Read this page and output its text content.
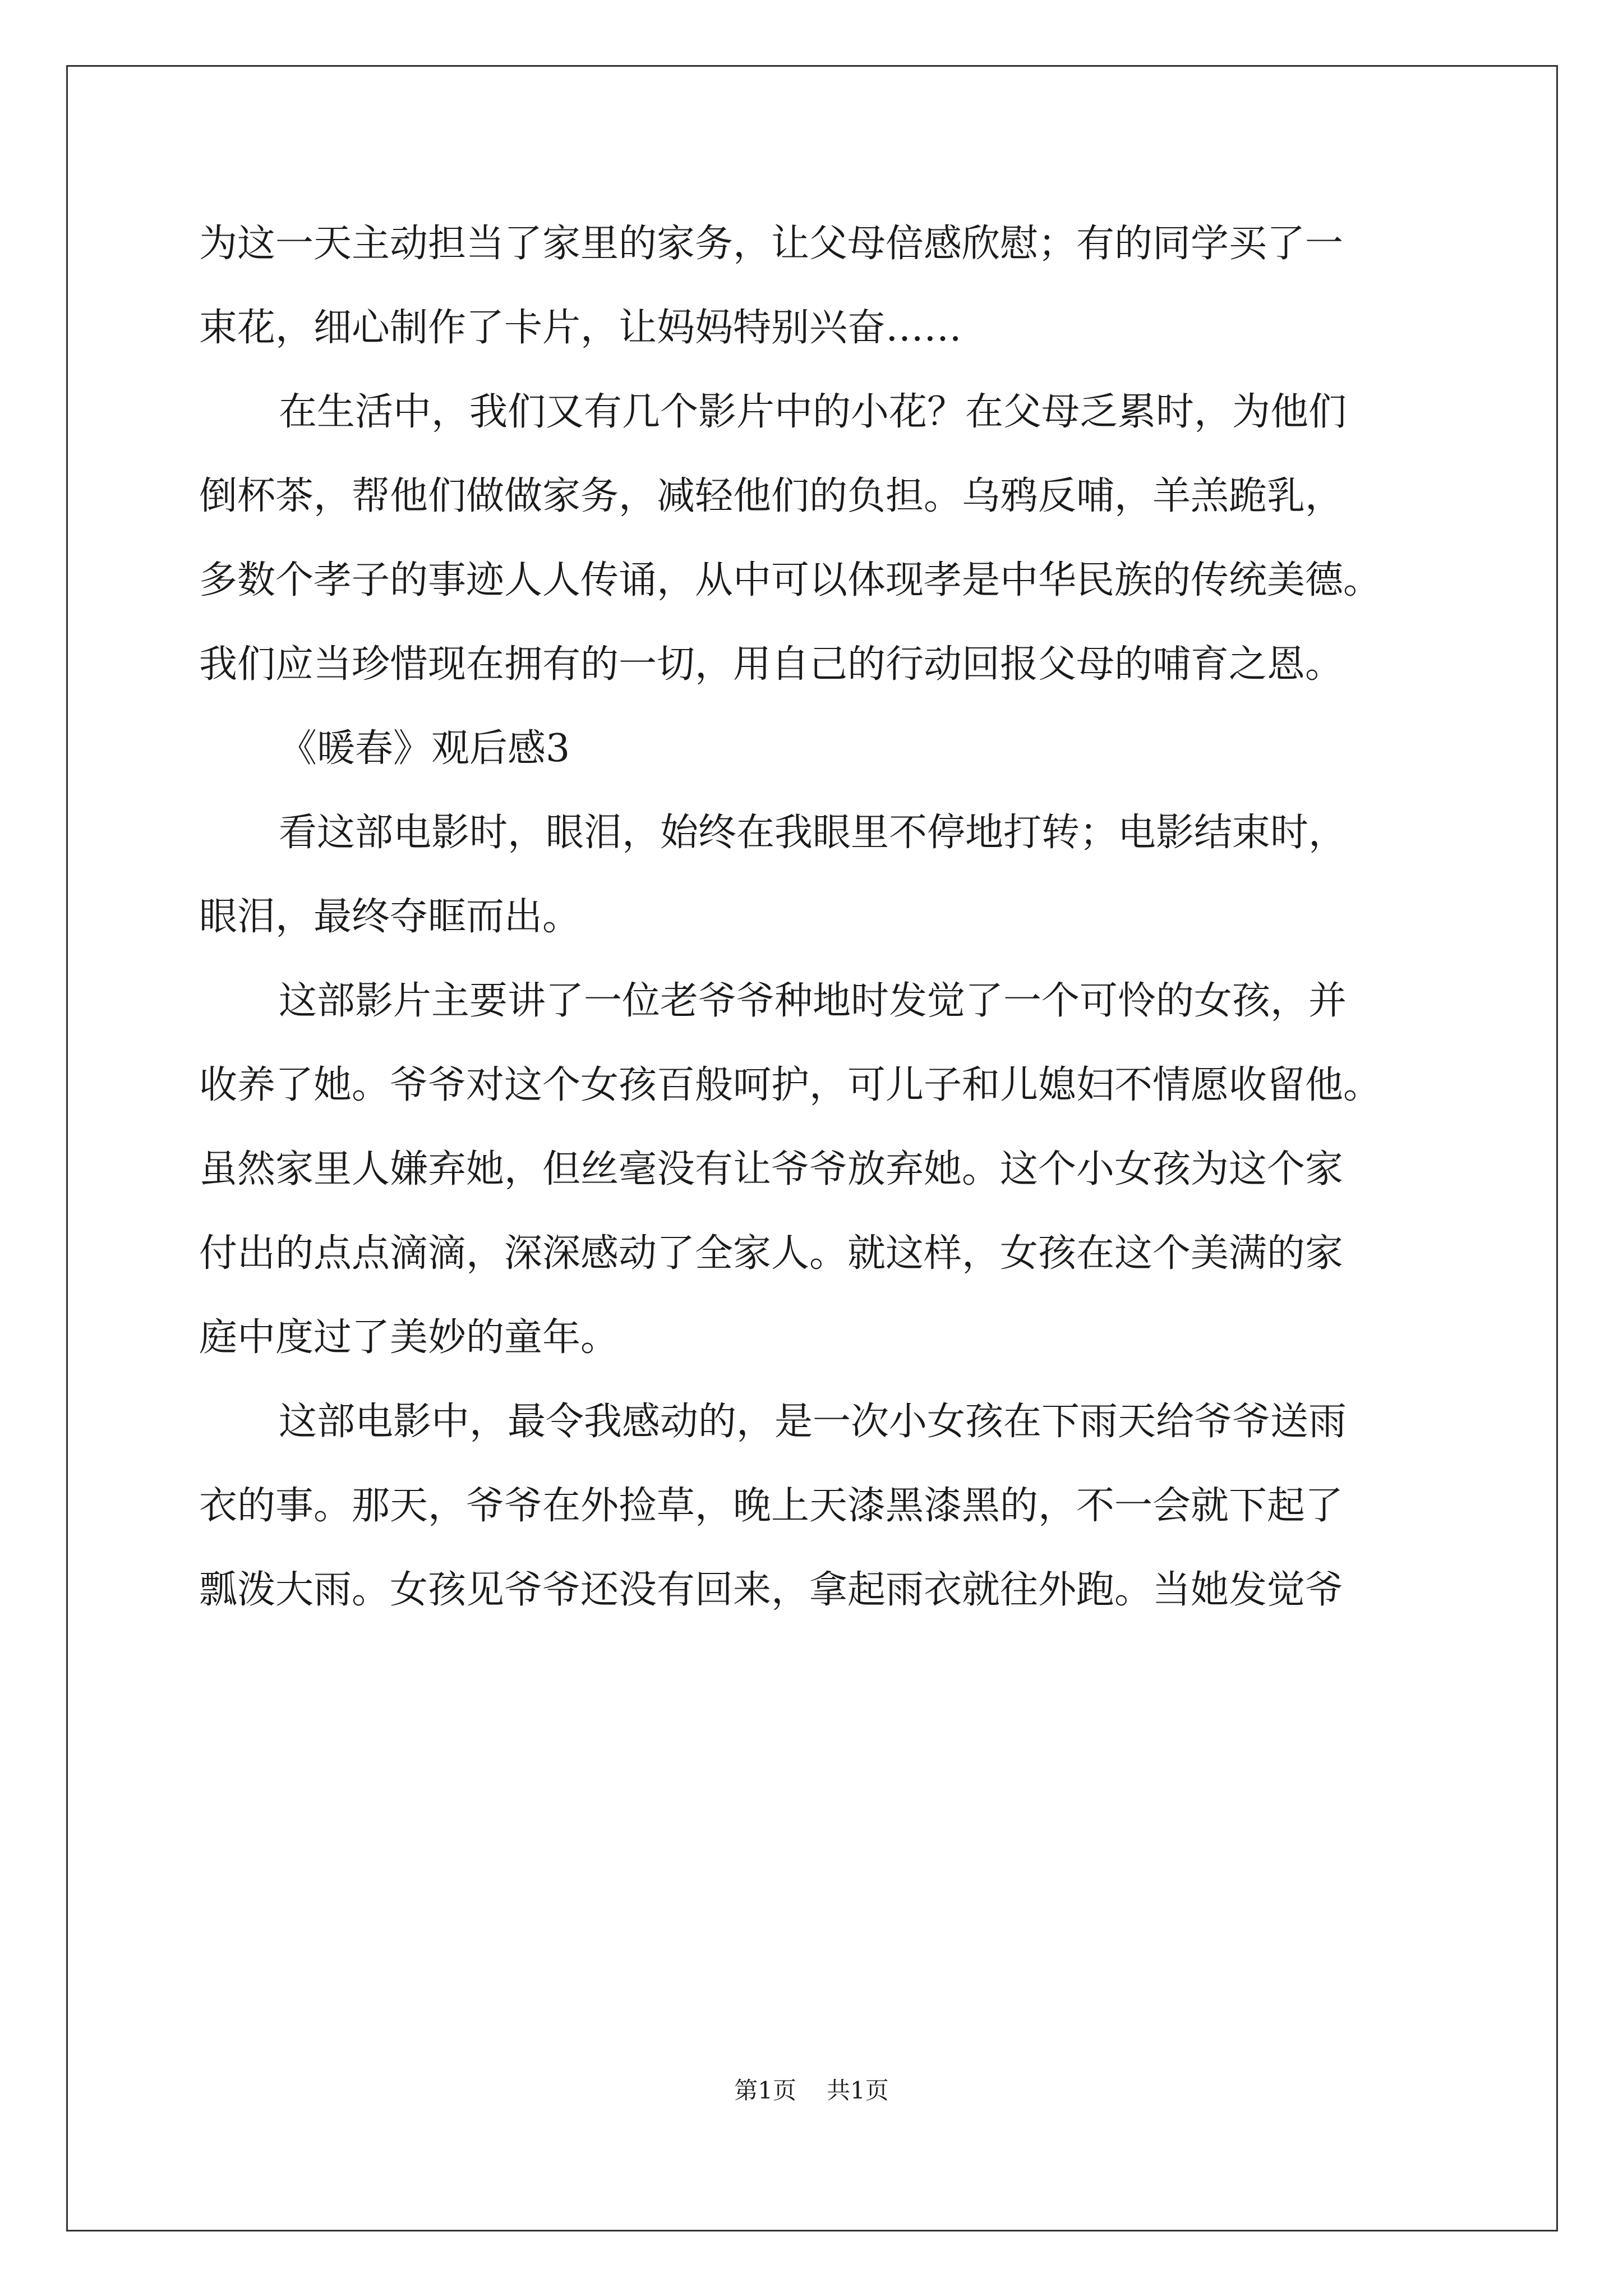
为这一天主动担当了家里的家务，让父母倍感欣慰；有的同学买了一
束花，细心制作了卡片，让妈妈特别兴奋……
在生活中，我们又有几个影片中的小花？在父母乏累时，为他们
倒杯茶，帮他们做做家务，减轻他们的负担。乌鸦反哺，羊羔跪乳，
多数个孝子的事迹人人传诵，从中可以体现孝是中华民族的传统美德。
我们应当珍惜现在拥有的一切，用自己的行动回报父母的哺育之恩。
《暖春》观后感3
看这部电影时，眼泪，始终在我眼里不停地打转；电影结束时，
眼泪，最终夺眶而出。
这部影片主要讲了一位老爷爷种地时发觉了一个可怜的女孩，并
收养了她。爷爷对这个女孩百般呵护，可儿子和儿媳妇不情愿收留他。
虽然家里人嫌弃她，但丝毫没有让爷爷放弃她。这个小女孩为这个家
付出的点点滴滴，深深感动了全家人。就这样，女孩在这个美满的家
庭中度过了美妙的童年。
这部电影中，最令我感动的，是一次小女孩在下雨天给爷爷送雨
衣的事。那天，爷爷在外捡草，晚上天漆黑漆黑的，不一会就下起了
瓢泼大雨。女孩见爷爷还没有回来，拿起雨衣就往外跑。当她发觉爷
第1页 共1页
